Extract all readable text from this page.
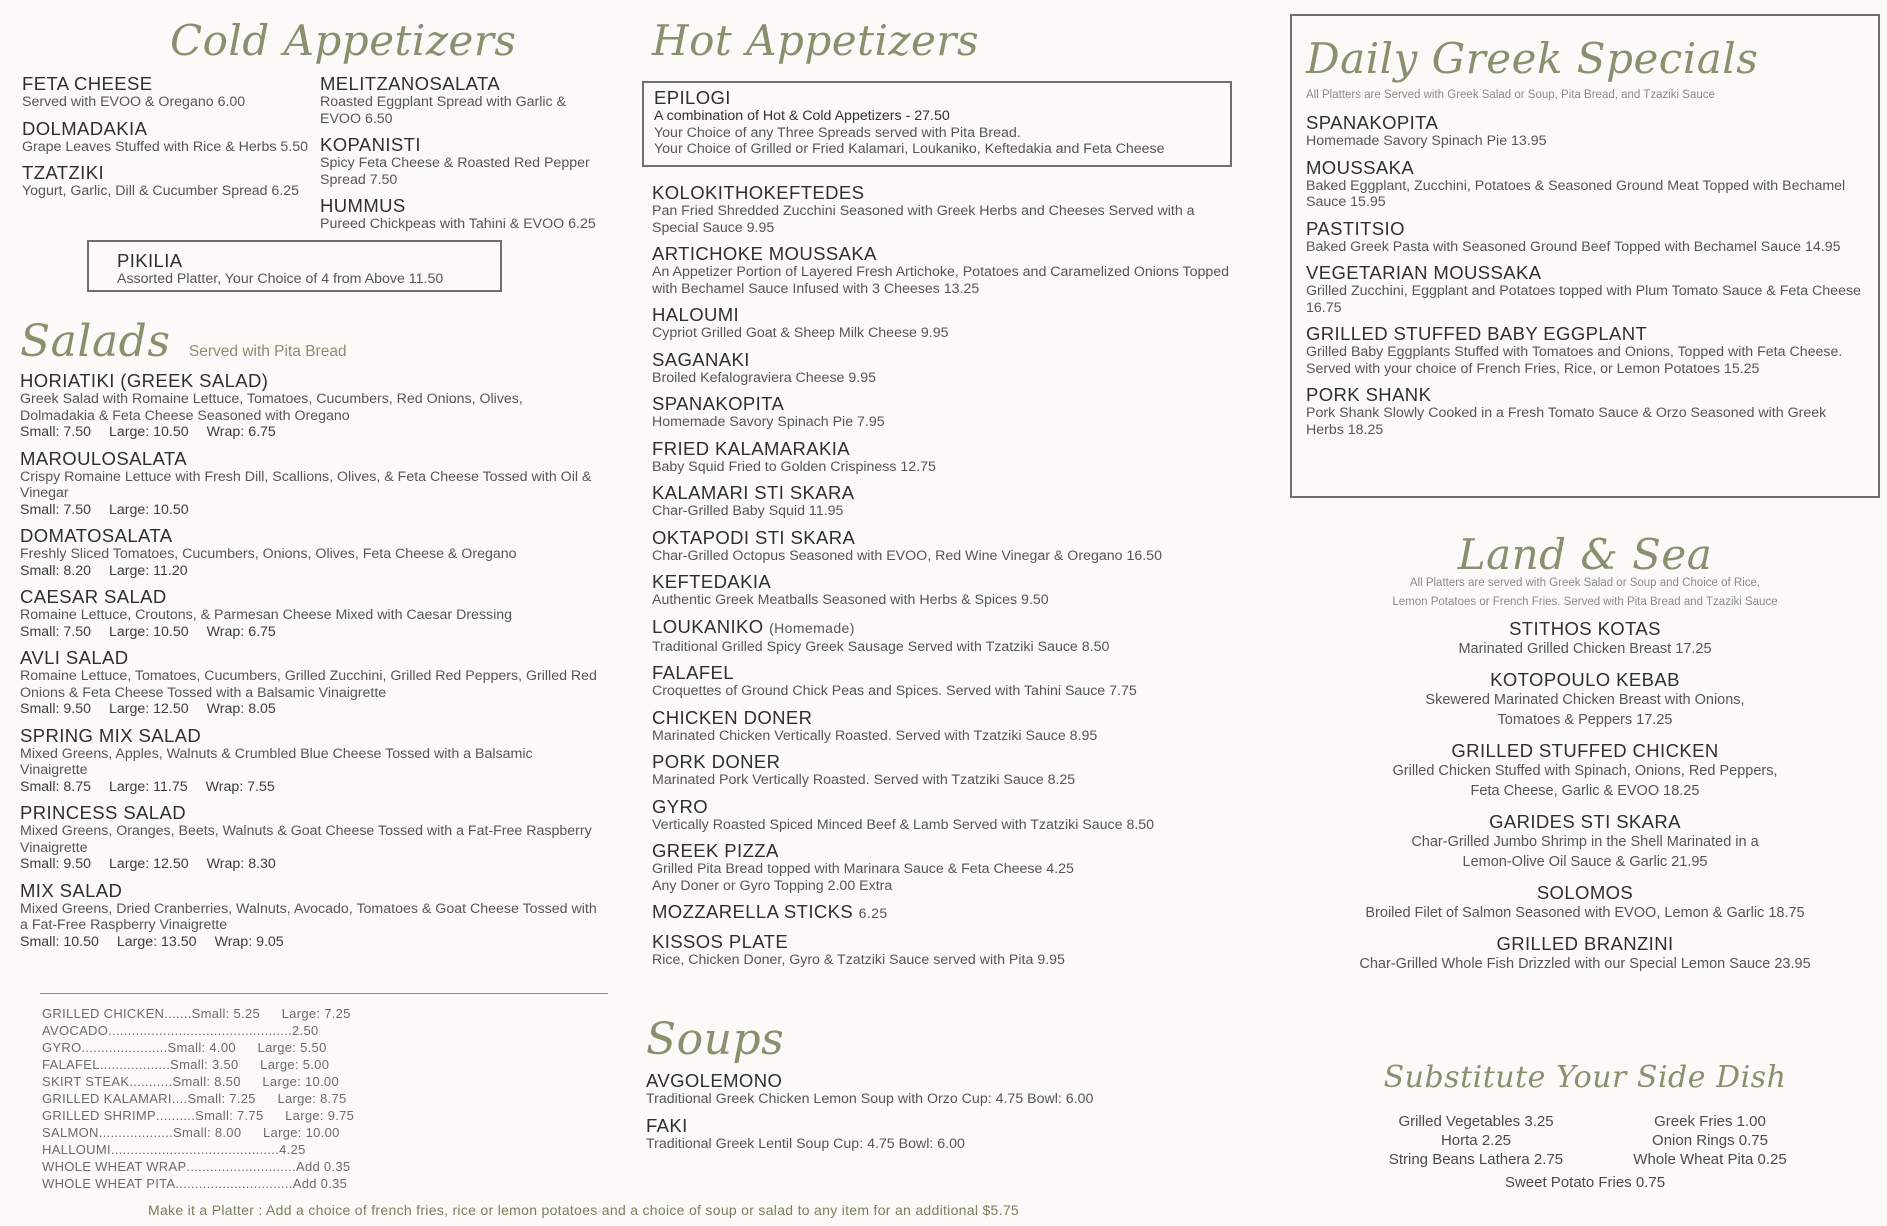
Cold Appetizers
FETA CHEESE
Served with EVOO & Oregano 6.00
DOLMADAKIA
Grape Leaves Stuffed with Rice & Herbs 5.50
TZATZIKI
Yogurt, Garlic, Dill & Cucumber Spread 6.25
MELITZANOSALATA
Roasted Eggplant Spread with Garlic & EVOO 6.50
KOPANISTI
Spicy Feta Cheese & Roasted Red Pepper Spread 7.50
HUMMUS
Pureed Chickpeas with Tahini & EVOO 6.25
PIKILIA
Assorted Platter, Your Choice of 4 from Above 11.50
Salads Served with Pita Bread
HORIATIKI (GREEK SALAD)
Greek Salad with Romaine Lettuce, Tomatoes, Cucumbers, Red Onions, Olives, Dolmadakia & Feta Cheese Seasoned with Oregano
Small: 7.50 Large: 10.50 Wrap: 6.75
MAROULOSALATA
Crispy Romaine Lettuce with Fresh Dill, Scallions, Olives, & Feta Cheese Tossed with Oil & Vinegar
Small: 7.50 Large: 10.50
DOMATOSALATA
Freshly Sliced Tomatoes, Cucumbers, Onions, Olives, Feta Cheese & Oregano
Small: 8.20 Large: 11.20
CAESAR SALAD
Romaine Lettuce, Croutons, & Parmesan Cheese Mixed with Caesar Dressing
Small: 7.50 Large: 10.50 Wrap: 6.75
AVLI SALAD
Romaine Lettuce, Tomatoes, Cucumbers, Grilled Zucchini, Grilled Red Peppers, Grilled Red Onions & Feta Cheese Tossed with a Balsamic Vinaigrette
Small: 9.50 Large: 12.50 Wrap: 8.05
SPRING MIX SALAD
Mixed Greens, Apples, Walnuts & Crumbled Blue Cheese Tossed with a Balsamic Vinaigrette
Small: 8.75 Large: 11.75 Wrap: 7.55
PRINCESS SALAD
Mixed Greens, Oranges, Beets, Walnuts & Goat Cheese Tossed with a Fat-Free Raspberry Vinaigrette
Small: 9.50 Large: 12.50 Wrap: 8.30
MIX SALAD
Mixed Greens, Dried Cranberries, Walnuts, Avocado, Tomatoes & Goat Cheese Tossed with a Fat-Free Raspberry Vinaigrette
Small: 10.50 Large: 13.50 Wrap: 9.05
GRILLED CHICKEN ....... Small: 5.25	Large: 7.25
AVOCADO ............................................... 2.50
GYRO ...................... Small: 4.00	Large: 5.50
FALAFEL .................. Small: 3.50	Large: 5.00
SKIRT STEAK ........... Small: 8.50	Large: 10.00
GRILLED KALAMARI .... Small: 7.25	Large: 8.75
GRILLED SHRIMP .......... Small: 7.75	Large: 9.75
SALMON ................... Small: 8.00	Large: 10.00
HALLOUMI ........................................... 4.25
WHOLE WHEAT WRAP ............................ Add 0.35
WHOLE WHEAT PITA .............................. Add 0.35
Make it a Platter : Add a choice of french fries, rice or lemon potatoes and a choice of soup or salad to any item for an additional $5.75
Hot Appetizers
EPILOGI
A combination of Hot & Cold Appetizers - 27.50
Your Choice of any Three Spreads served with Pita Bread.
Your Choice of Grilled or Fried Kalamari, Loukaniko, Keftedakia and Feta Cheese
KOLOKITHOKEFTEDES
Pan Fried Shredded Zucchini Seasoned with Greek Herbs and Cheeses Served with a Special Sauce 9.95
ARTICHOKE MOUSSAKA
An Appetizer Portion of Layered Fresh Artichoke, Potatoes and Caramelized Onions Topped with Bechamel Sauce Infused with 3 Cheeses 13.25
HALOUMI
Cypriot Grilled Goat & Sheep Milk Cheese 9.95
SAGANAKI
Broiled Kefalograviera Cheese 9.95
SPANAKOPITA
Homemade Savory Spinach Pie 7.95
FRIED KALAMARAKIA
Baby Squid Fried to Golden Crispiness 12.75
KALAMARI STI SKARA
Char-Grilled Baby Squid 11.95
OKTAPODI STI SKARA
Char-Grilled Octopus Seasoned with EVOO, Red Wine Vinegar & Oregano 16.50
KEFTEDAKIA
Authentic Greek Meatballs Seasoned with Herbs & Spices 9.50
LOUKANIKO (Homemade)
Traditional Grilled Spicy Greek Sausage Served with Tzatziki Sauce 8.50
FALAFEL
Croquettes of Ground Chick Peas and Spices. Served with Tahini Sauce 7.75
CHICKEN DONER
Marinated Chicken Vertically Roasted. Served with Tzatziki Sauce 8.95
PORK DONER
Marinated Pork Vertically Roasted. Served with Tzatziki Sauce 8.25
GYRO
Vertically Roasted Spiced Minced Beef & Lamb Served with Tzatziki Sauce 8.50
GREEK PIZZA
Grilled Pita Bread topped with Marinara Sauce & Feta Cheese 4.25
Any Doner or Gyro Topping 2.00 Extra
MOZZARELLA STICKS 6.25
KISSOS PLATE
Rice, Chicken Doner, Gyro & Tzatziki Sauce served with Pita 9.95
Soups
AVGOLEMONO
Traditional Greek Chicken Lemon Soup with Orzo Cup: 4.75 Bowl: 6.00
FAKI
Traditional Greek Lentil Soup Cup: 4.75 Bowl: 6.00
Daily Greek Specials
All Platters are Served with Greek Salad or Soup, Pita Bread, and Tzaziki Sauce
SPANAKOPITA
Homemade Savory Spinach Pie 13.95
MOUSSAKA
Baked Eggplant, Zucchini, Potatoes & Seasoned Ground Meat Topped with Bechamel Sauce 15.95
PASTITSIO
Baked Greek Pasta with Seasoned Ground Beef Topped with Bechamel Sauce 14.95
VEGETARIAN MOUSSAKA
Grilled Zucchini, Eggplant and Potatoes topped with Plum Tomato Sauce & Feta Cheese 16.75
GRILLED STUFFED BABY EGGPLANT
Grilled Baby Eggplants Stuffed with Tomatoes and Onions, Topped with Feta Cheese. Served with your choice of French Fries, Rice, or Lemon Potatoes 15.25
PORK SHANK
Pork Shank Slowly Cooked in a Fresh Tomato Sauce & Orzo Seasoned with Greek Herbs 18.25
Land & Sea
All Platters are served with Greek Salad or Soup and Choice of Rice,
Lemon Potatoes or French Fries. Served with Pita Bread and Tzaziki Sauce
STITHOS KOTAS
Marinated Grilled Chicken Breast 17.25
KOTOPOULO KEBAB
Skewered Marinated Chicken Breast with Onions,
Tomatoes & Peppers 17.25
GRILLED STUFFED CHICKEN
Grilled Chicken Stuffed with Spinach, Onions, Red Peppers,
Feta Cheese, Garlic & EVOO 18.25
GARIDES STI SKARA
Char-Grilled Jumbo Shrimp in the Shell Marinated in a
Lemon-Olive Oil Sauce & Garlic 21.95
SOLOMOS
Broiled Filet of Salmon Seasoned with EVOO, Lemon & Garlic 18.75
GRILLED BRANZINI
Char-Grilled Whole Fish Drizzled with our Special Lemon Sauce 23.95
Substitute Your Side Dish
Grilled Vegetables 3.25
Horta 2.25
String Beans Lathera 2.75
Greek Fries 1.00
Onion Rings 0.75
Whole Wheat Pita 0.25
Sweet Potato Fries 0.75
